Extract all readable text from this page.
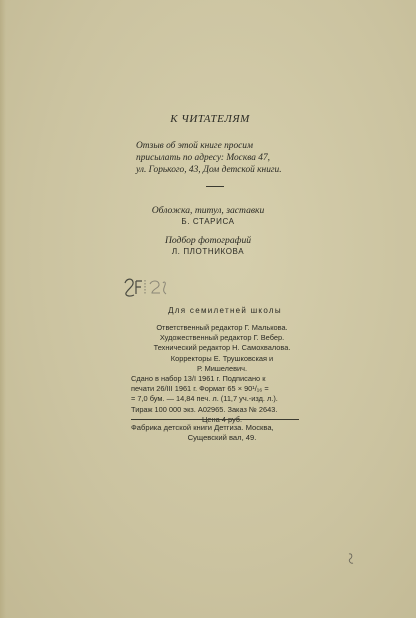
К ЧИТАТЕЛЯМ
Отзыв об этой книге просим
присылать по адресу: Москва 47,
ул. Горького, 43, Дом детской книги.
Обложка, титул, заставки
Б. СТАРИСА
Подбор фотографий
Л. ПЛОТНИКОВА
Для семилетней школы
Ответственный редактор Г. Малькова.
Художественный редактор Г. Вебер.
Технический редактор Н. Самохвалова.
Корректоры Е. Трушковская и
Р. Мишелевич.
Сдано в набор 13/I 1961 г. Подписано к
печати 26/III 1961 г. Формат 65 × 90¹/₁₆ =
= 7,0 бум. — 14,84 печ. л. (11,7 уч.-изд. л.).
Тираж 100 000 экз. А02965. Заказ № 2643.
Фабрика детской книги Детгиза. Москва,
Сущевский вал, 49.
